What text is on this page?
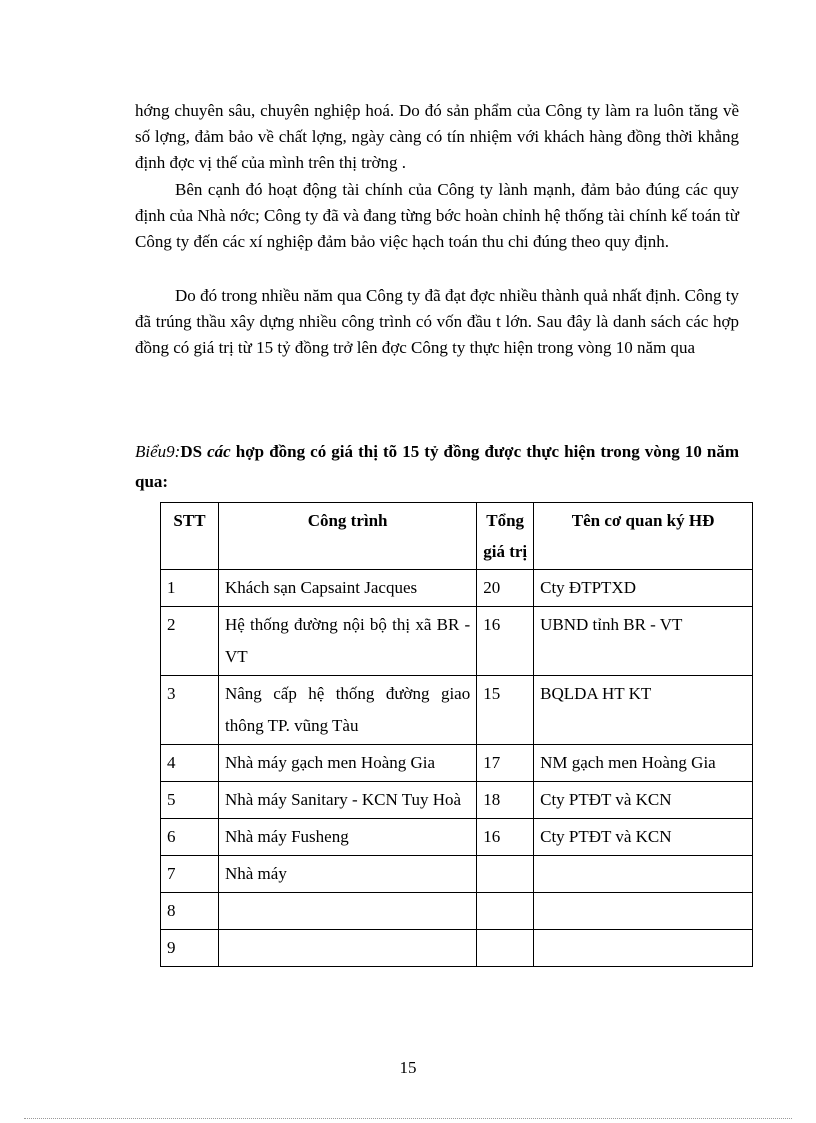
hớng chuyên sâu, chuyên nghiệp hoá. Do đó sản phẩm của Công ty làm ra luôn tăng về số lợng, đảm bảo về chất lợng, ngày càng có tín nhiệm với khách hàng đồng thời khẳng định đợc vị thế của mình trên thị trờng .

Bên cạnh đó hoạt động tài chính của Công ty lành mạnh, đảm bảo đúng các quy định của Nhà nớc; Công ty đã và đang từng bớc hoàn chỉnh hệ thống tài chính kế toán từ Công ty đến các xí nghiệp đảm bảo việc hạch toán thu chi đúng theo quy định.

Do đó trong nhiều năm qua Công ty đã đạt đợc nhiều thành quả nhất định. Công ty đã trúng thầu xây dựng nhiều công trình có vốn đầu t lớn. Sau đây là danh sách các hợp đồng có giá trị từ 15 tỷ đồng trở lên đợc Công ty thực hiện trong vòng 10 năm qua

Biểu9:DS các hợp đồng có giá thị tõ 15 tỷ đồng được thực hiện trong vòng 10 năm qua:

STT	Công trình	Tổng giá trị	Tên cơ quan ký HĐ
1	Khách sạn Capsaint Jacques	20	Cty ĐTPTXD
2	Hệ thống đường nội bộ thị xã BR - VT	16	UBND tỉnh BR - VT
3	Nâng cấp hệ thống đường giao thông TP. vũng Tàu	15	BQLDA HT KT
4	Nhà máy gạch men Hoàng Gia	17	NM gạch men Hoàng Gia
5	Nhà máy Sanitary - KCN Tuy Hoà	18	Cty PTĐT và KCN
6	Nhà máy Fusheng	16	Cty PTĐT và KCN
7	Nhà máy		
8			
9			
15
